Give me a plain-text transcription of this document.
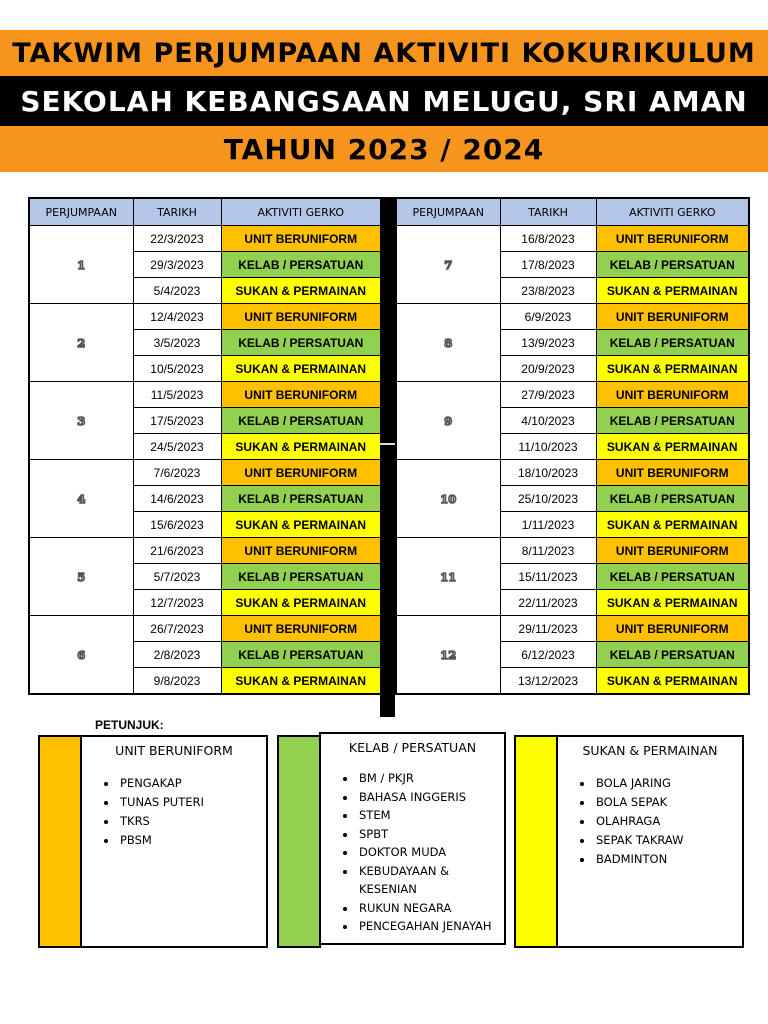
TAKWIM PERJUMPAAN AKTIVITI KOKURIKULUM
SEKOLAH KEBANGSAAN MELUGU, SRI AMAN
TAHUN 2023 / 2024
PERJUMPAAN	TARIKH	AKTIVITI GERKO
1	22/3/2023	UNIT BERUNIFORM
	29/3/2023	KELAB / PERSATUAN
	5/4/2023	SUKAN & PERMAINAN
2	12/4/2023	UNIT BERUNIFORM
	3/5/2023	KELAB / PERSATUAN
	10/5/2023	SUKAN & PERMAINAN
3	11/5/2023	UNIT BERUNIFORM
	17/5/2023	KELAB / PERSATUAN
	24/5/2023	SUKAN & PERMAINAN
4	7/6/2023	UNIT BERUNIFORM
	14/6/2023	KELAB / PERSATUAN
	15/6/2023	SUKAN & PERMAINAN
5	21/6/2023	UNIT BERUNIFORM
	5/7/2023	KELAB / PERSATUAN
	12/7/2023	SUKAN & PERMAINAN
6	26/7/2023	UNIT BERUNIFORM
	2/8/2023	KELAB / PERSATUAN
	9/8/2023	SUKAN & PERMAINAN
PERJUMPAAN	TARIKH	AKTIVITI GERKO
7	16/8/2023	UNIT BERUNIFORM
	17/8/2023	KELAB / PERSATUAN
	23/8/2023	SUKAN & PERMAINAN
8	6/9/2023	UNIT BERUNIFORM
	13/9/2023	KELAB / PERSATUAN
	20/9/2023	SUKAN & PERMAINAN
9	27/9/2023	UNIT BERUNIFORM
	4/10/2023	KELAB / PERSATUAN
	11/10/2023	SUKAN & PERMAINAN
10	18/10/2023	UNIT BERUNIFORM
	25/10/2023	KELAB / PERSATUAN
	1/11/2023	SUKAN & PERMAINAN
11	8/11/2023	UNIT BERUNIFORM
	15/11/2023	KELAB / PERSATUAN
	22/11/2023	SUKAN & PERMAINAN
12	29/11/2023	UNIT BERUNIFORM
	6/12/2023	KELAB / PERSATUAN
	13/12/2023	SUKAN & PERMAINAN
PETUNJUK:
UNIT BERUNIFORM
• PENGAKAP
• TUNAS PUTERI
• TKRS
• PBSM
KELAB / PERSATUAN
• BM / PKJR
• BAHASA INGGERIS
• STEM
• SPBT
• DOKTOR MUDA
• KEBUDAYAAN & KESENIAN
• RUKUN NEGARA
• PENCEGAHAN JENAYAH
SUKAN & PERMAINAN
• BOLA JARING
• BOLA SEPAK
• OLAHRAGA
• SEPAK TAKRAW
• BADMINTON
